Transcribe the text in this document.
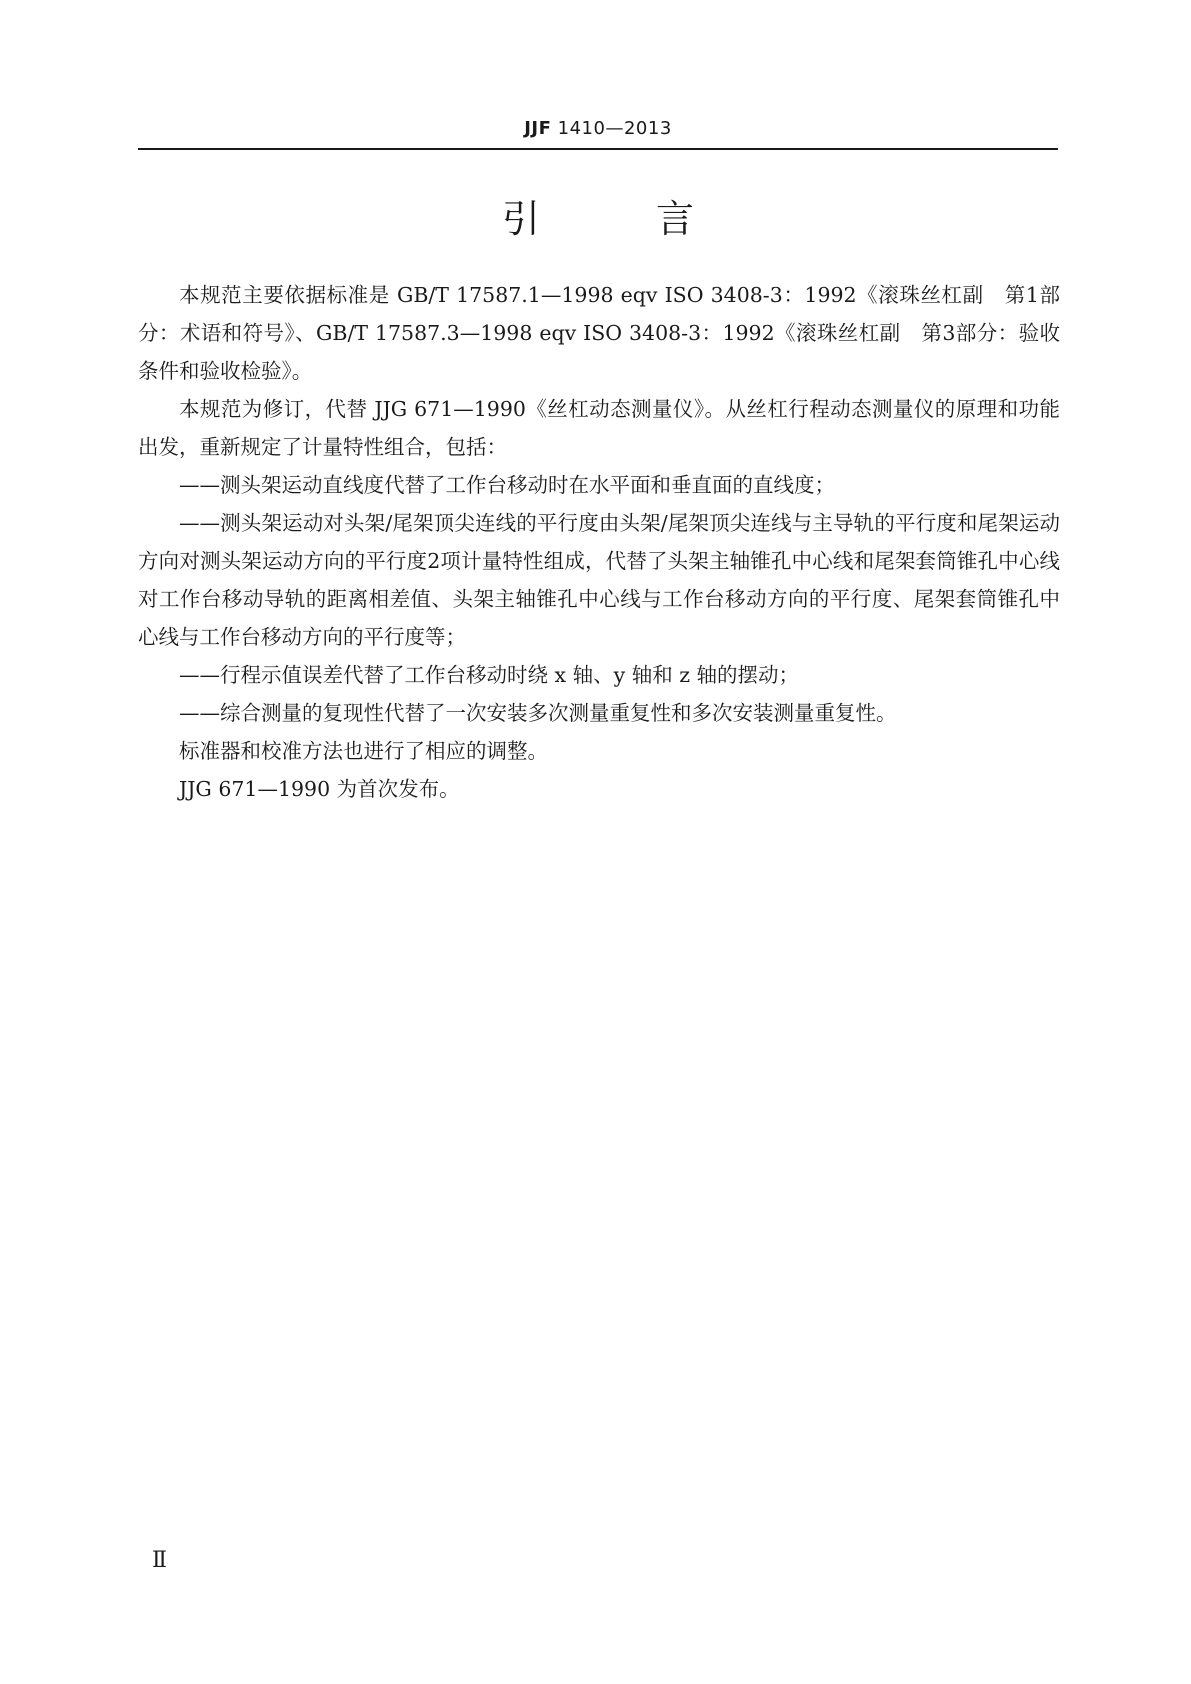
JJF 1410—2013
引 言

本规范主要依据标准是 GB/T 17587.1—1998 eqv ISO 3408-3：1992《滚珠丝杠副　第1部分：术语和符号》、GB/T 17587.3—1998 eqv ISO 3408-3：1992《滚珠丝杠副　第3部分：验收条件和验收检验》。

本规范为修订，代替 JJG 671—1990《丝杠动态测量仪》。从丝杠行程动态测量仪的原理和功能出发，重新规定了计量特性组合，包括：

——测头架运动直线度代替了工作台移动时在水平面和垂直面的直线度；

——测头架运动对头架/尾架顶尖连线的平行度由头架/尾架顶尖连线与主导轨的平行度和尾架运动方向对测头架运动方向的平行度2项计量特性组成，代替了头架主轴锥孔中心线和尾架套筒锥孔中心线对工作台移动导轨的距离相差值、头架主轴锥孔中心线与工作台移动方向的平行度、尾架套筒锥孔中心线与工作台移动方向的平行度等；

——行程示值误差代替了工作台移动时绕 x 轴、y 轴和 z 轴的摆动；

——综合测量的复现性代替了一次安装多次测量重复性和多次安装测量重复性。

标准器和校准方法也进行了相应的调整。

JJG 671—1990 为首次发布。

Ⅱ
